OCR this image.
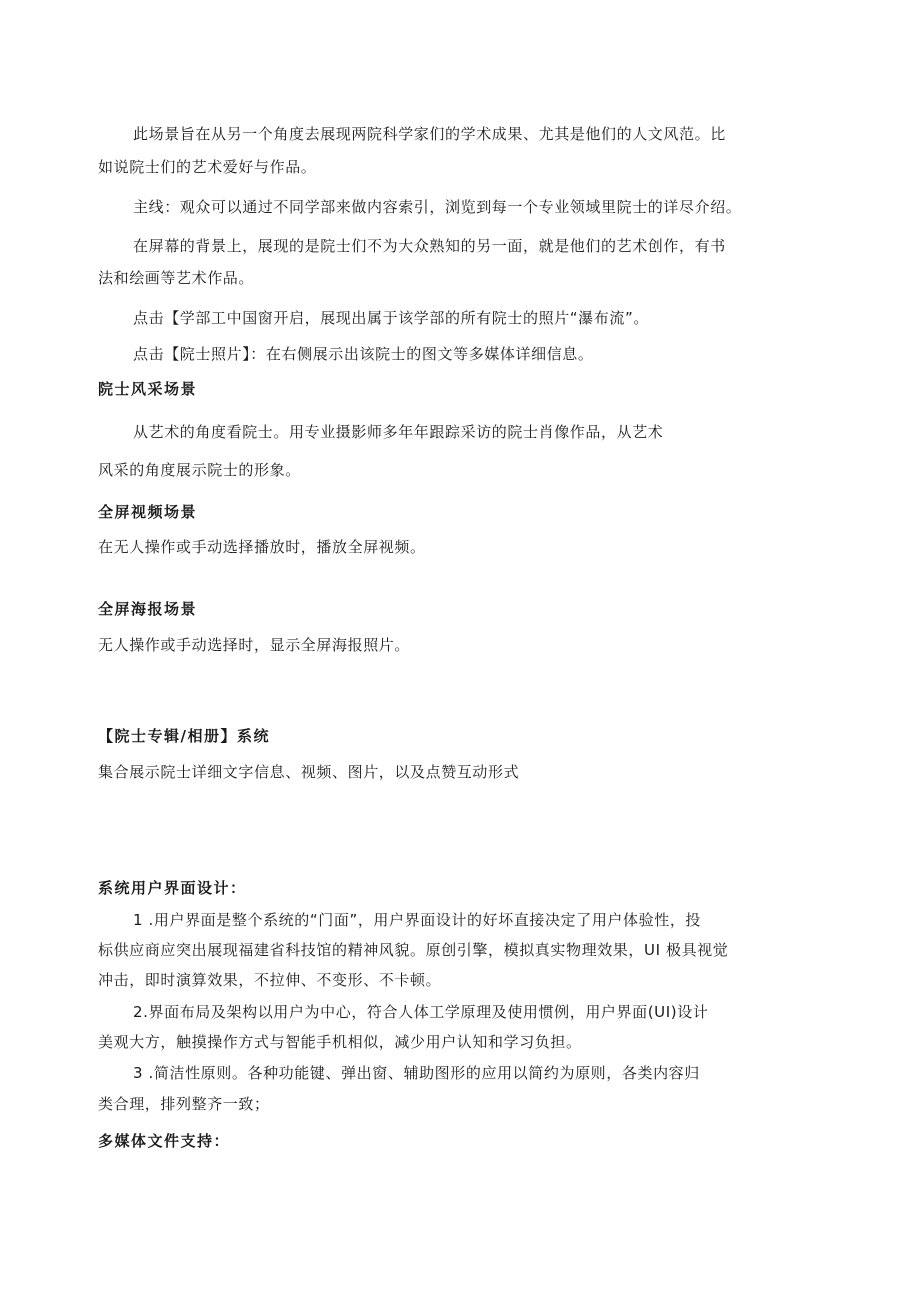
此场景旨在从另一个角度去展现两院科学家们的学术成果、尤其是他们的人文风范。比
如说院士们的艺术爱好与作品。
主线：观众可以通过不同学部来做内容索引，浏览到每一个专业领域里院士的详尽介绍。
在屏幕的背景上，展现的是院士们不为大众熟知的另一面，就是他们的艺术创作，有书
法和绘画等艺术作品。
点击【学部工中国窗开启，展现出属于该学部的所有院士的照片“瀑布流”。
点击【院士照片】：在右侧展示出该院士的图文等多媒体详细信息。
院士风采场景
从艺术的角度看院士。用专业摄影师多年年跟踪采访的院士肖像作品，从艺术
风采的角度展示院士的形象。
全屏视频场景
在无人操作或手动选择播放时，播放全屏视频。
全屏海报场景
无人操作或手动选择时，显示全屏海报照片。
【院士专辑/相册】系统
集合展示院士详细文字信息、视频、图片，以及点赞互动形式
系统用户界面设计：
1 .用户界面是整个系统的“门面”，用户界面设计的好坏直接决定了用户体验性，投
标供应商应突出展现福建省科技馆的精神风貌。原创引擎，模拟真实物理效果，UI 极具视觉
冲击，即时演算效果，不拉伸、不变形、不卡顿。
2.界面布局及架构以用户为中心，符合人体工学原理及使用惯例，用户界面(UI)设计
美观大方，触摸操作方式与智能手机相似，减少用户认知和学习负担。
3 .简洁性原则。各种功能键、弹出窗、辅助图形的应用以简约为原则，各类内容归
类合理，排列整齐一致；
多媒体文件支持：
